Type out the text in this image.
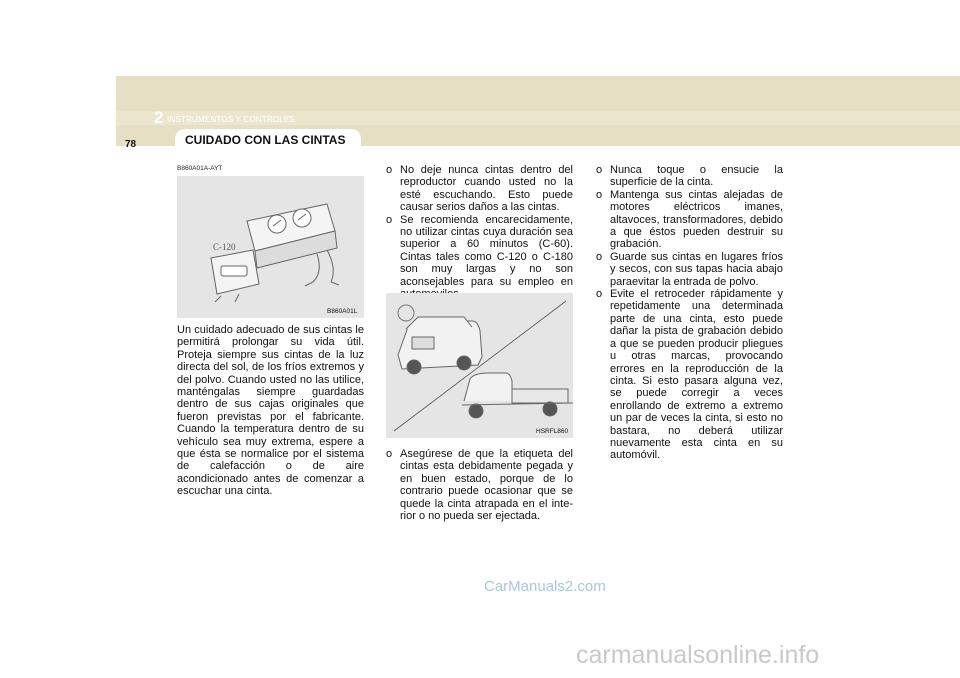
2 INSTRUMENTOS Y CONTROLES
78	CUIDADO CON LAS CINTAS
B860A01A-AYT
C-120
B860A01L

Un cuidado adecuado de sus cintas le permitirá prolongar su vida útil. Proteja siempre sus cintas de la luz directa del sol, de los fríos extremos y del polvo. Cuando usted no las utilice, manténgalas siempre guardadas dentro de sus cajas originales que fueron previstas por el fabricante. Cuando la temperatura dentro de su vehículo sea muy extrema, espere a que ésta se normalice por el sistema de calefacción o de aire acondicionado antes de comenzar a escuchar una cinta.

o No deje nunca cintas dentro del reproductor cuando usted no la esté escuchando. Esto puede causar serios daños a las cintas.
o Se recomienda encarecidamente, no utilizar cintas cuya duración sea superior a 60 minutos (C-60). Cintas tales como C-120 o C-180 son muy largas y no son aconsejables para su empleo en
HSRFL860
o Asegúrese de que la etiqueta del cintas esta debidamente pegada y en buen estado, porque de lo contrario puede ocasionar que se quede la cinta atrapada en el inte-rior o no pueda ser ejectada.
o Nunca toque o ensucie la superficie de la cinta.
o Mantenga sus cintas alejadas de motores eléctricos imanes, altavoces, transformadores, debido a que éstos pueden destruir su grabación.
o Guarde sus cintas en lugares fríos y secos, con sus tapas hacia abajo paraevitar la entrada de polvo.
o Evite el retroceder rápidamente y repetidamente una determinada parte de una cinta, esto puede dañar la pista de grabación debido a que se pueden producir pliegues u otras marcas, provocando errores en la reproducción de la cinta. Si esto pasara alguna vez, se puede corregir a veces enrollando de extremo a extremo un par de veces la cinta, si esto no bastara, no deberá utilizar nuevamente esta cinta en su automóvil.
CarManuals2.com
carmanualsonline.info
